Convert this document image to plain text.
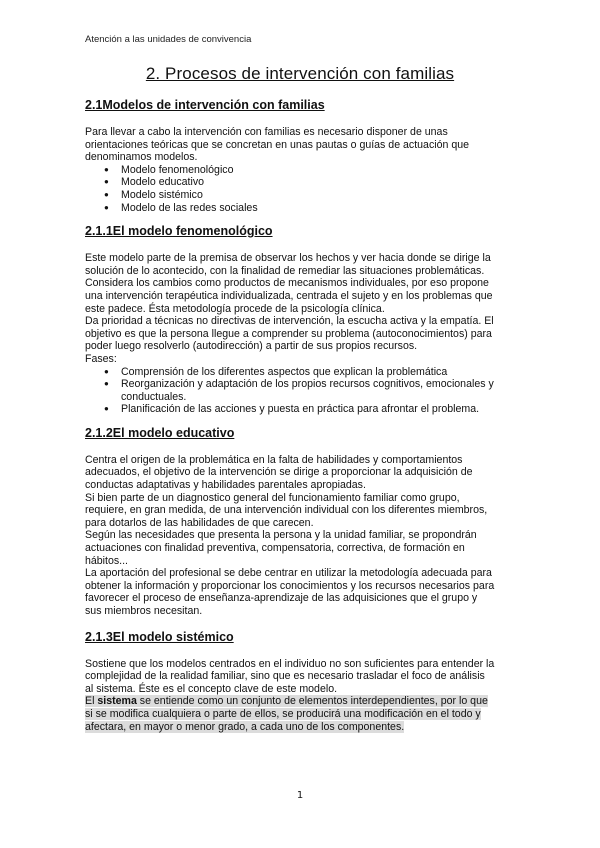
Atención a las unidades de convivencia
2. Procesos de intervención con familias
2.1Modelos de intervención con familias

Para llevar a cabo la intervención con familias es necesario disponer de unas
orientaciones teóricas que se concretan en unas pautas o guías de actuación que
denominamos modelos.

● Modelo fenomenológico
● Modelo educativo
● Modelo sistémico
● Modelo de las redes sociales
2.1.1El modelo fenomenológico

Este modelo parte de la premisa de observar los hechos y ver hacia donde se dirige la
solución de lo acontecido, con la finalidad de remediar las situaciones problemáticas.
Considera los cambios como productos de mecanismos individuales, por eso propone
una intervención terapéutica individualizada, centrada el sujeto y en los problemas que
este padece. Ésta metodología procede de la psicología clínica.
Da prioridad a técnicas no directivas de intervención, la escucha activa y la empatía. El
objetivo es que la persona llegue a comprender su problema (autoconocimientos) para
poder luego resolverlo (autodirección) a partir de sus propios recursos.
Fases:

● Comprensión de los diferentes aspectos que explican la problemática
● Reorganización y adaptación de los propios recursos cognitivos, emocionales y
conductuales.
● Planificación de las acciones y puesta en práctica para afrontar el problema.
2.1.2El modelo educativo

Centra el origen de la problemática en la falta de habilidades y comportamientos
adecuados, el objetivo de la intervención se dirige a proporcionar la adquisición de
conductas adaptativas y habilidades parentales apropiadas.
Si bien parte de un diagnostico general del funcionamiento familiar como grupo,
requiere, en gran medida, de una intervención individual con los diferentes miembros,
para dotarlos de las habilidades de que carecen.
Según las necesidades que presenta la persona y la unidad familiar, se propondrán
actuaciones con finalidad preventiva, compensatoria, correctiva, de formación en
hábitos...
La aportación del profesional se debe centrar en utilizar la metodología adecuada para
obtener la información y proporcionar los conocimientos y los recursos necesarios para
favorecer el proceso de enseñanza-aprendizaje de las adquisiciones que el grupo y
sus miembros necesitan.

2.1.3El modelo sistémico

Sostiene que los modelos centrados en el individuo no son suficientes para entender la
complejidad de la realidad familiar, sino que es necesario trasladar el foco de análisis
al sistema. Éste es el concepto clave de este modelo.
El sistema se entiende como un conjunto de elementos interdependientes, por lo que
si se modifica cualquiera o parte de ellos, se producirá una modificación en el todo y
afectara, en mayor o menor grado, a cada uno de los componentes.

1
